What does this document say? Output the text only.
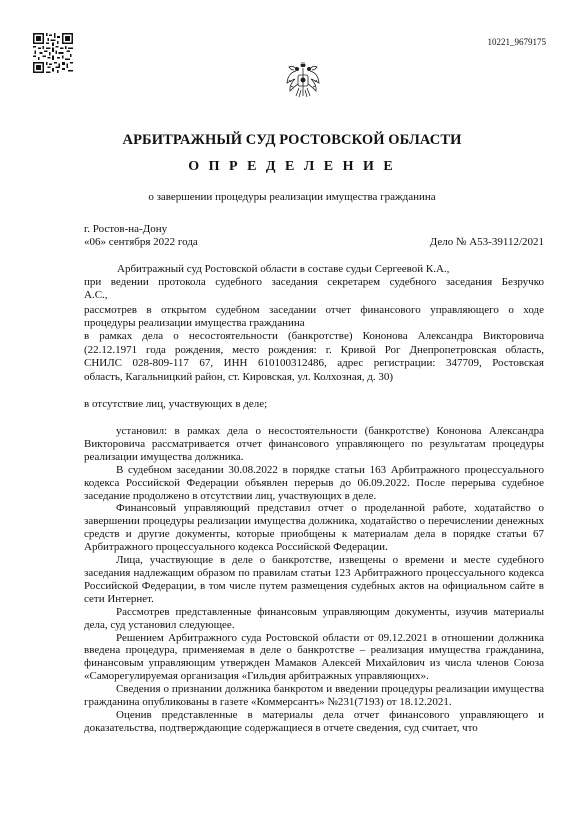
10221_9679175
АРБИТРАЖНЫЙ СУД РОСТОВСКОЙ ОБЛАСТИ
О П Р Е Д Е Л Е Н И Е
о завершении процедуры реализации имущества гражданина
г. Ростов-на-Дону
«06» сентября 2022 года	Дело № А53-39112/2021
Арбитражный суд Ростовской области в составе судьи Сергеевой К.А.,
при ведении протокола судебного заседания секретарем судебного заседания Безручко
А.С.,
рассмотрев в открытом судебном заседании отчет финансового управляющего о ходе
процедуры реализации имущества гражданина
в рамках дела о несостоятельности (банкротстве) Кононова Александра Викторовича
(22.12.1971 года рождения, место рождения: г. Кривой Рог Днепропетровская область,
СНИЛС 028-809-117 67, ИНН 610100312486, адрес регистрации: 347709, Ростовская
область, Кагальницкий район, ст. Кировская, ул. Колхозная, д. 30)
в отсутствие лиц, участвующих в деле;

установил: в рамках дела о несостоятельности (банкротстве) Кононова Александра Викторовича рассматривается отчет финансового управляющего по результатам процедуры реализации имущества должника.

В судебном заседании 30.08.2022 в порядке статьи 163 Арбитражного процессуального кодекса Российской Федерации объявлен перерыв до 06.09.2022. После перерыва судебное заседание продолжено в отсутствии лиц, участвующих в деле.

Финансовый управляющий представил отчет о проделанной работе, ходатайство о завершении процедуры реализации имущества должника, ходатайство о перечислении денежных средств и другие документы, которые приобщены к материалам дела в порядке статьи 67 Арбитражного процессуального кодекса Российской Федерации.

Лица, участвующие в деле о банкротстве, извещены о времени и месте судебного заседания надлежащим образом по правилам статьи 123 Арбитражного процессуального кодекса Российской Федерации, в том числе путем размещения судебных актов на официальном сайте в сети Интернет.

Рассмотрев представленные финансовым управляющим документы, изучив материалы дела, суд установил следующее.

Решением Арбитражного суда Ростовской области от 09.12.2021 в отношении должника введена процедура, применяемая в деле о банкротстве – реализация имущества гражданина, финансовым управляющим утвержден Мамаков Алексей Михайлович из числа членов Союза «Саморегулируемая организация «Гильдия арбитражных управляющих».

Сведения о признании должника банкротом и введении процедуры реализации имущества гражданина опубликованы в газете «Коммерсантъ» №231(7193) от 18.12.2021.

Оценив представленные в материалы дела отчет финансового управляющего и доказательства, подтверждающие содержащиеся в отчете сведения, суд считает, что
